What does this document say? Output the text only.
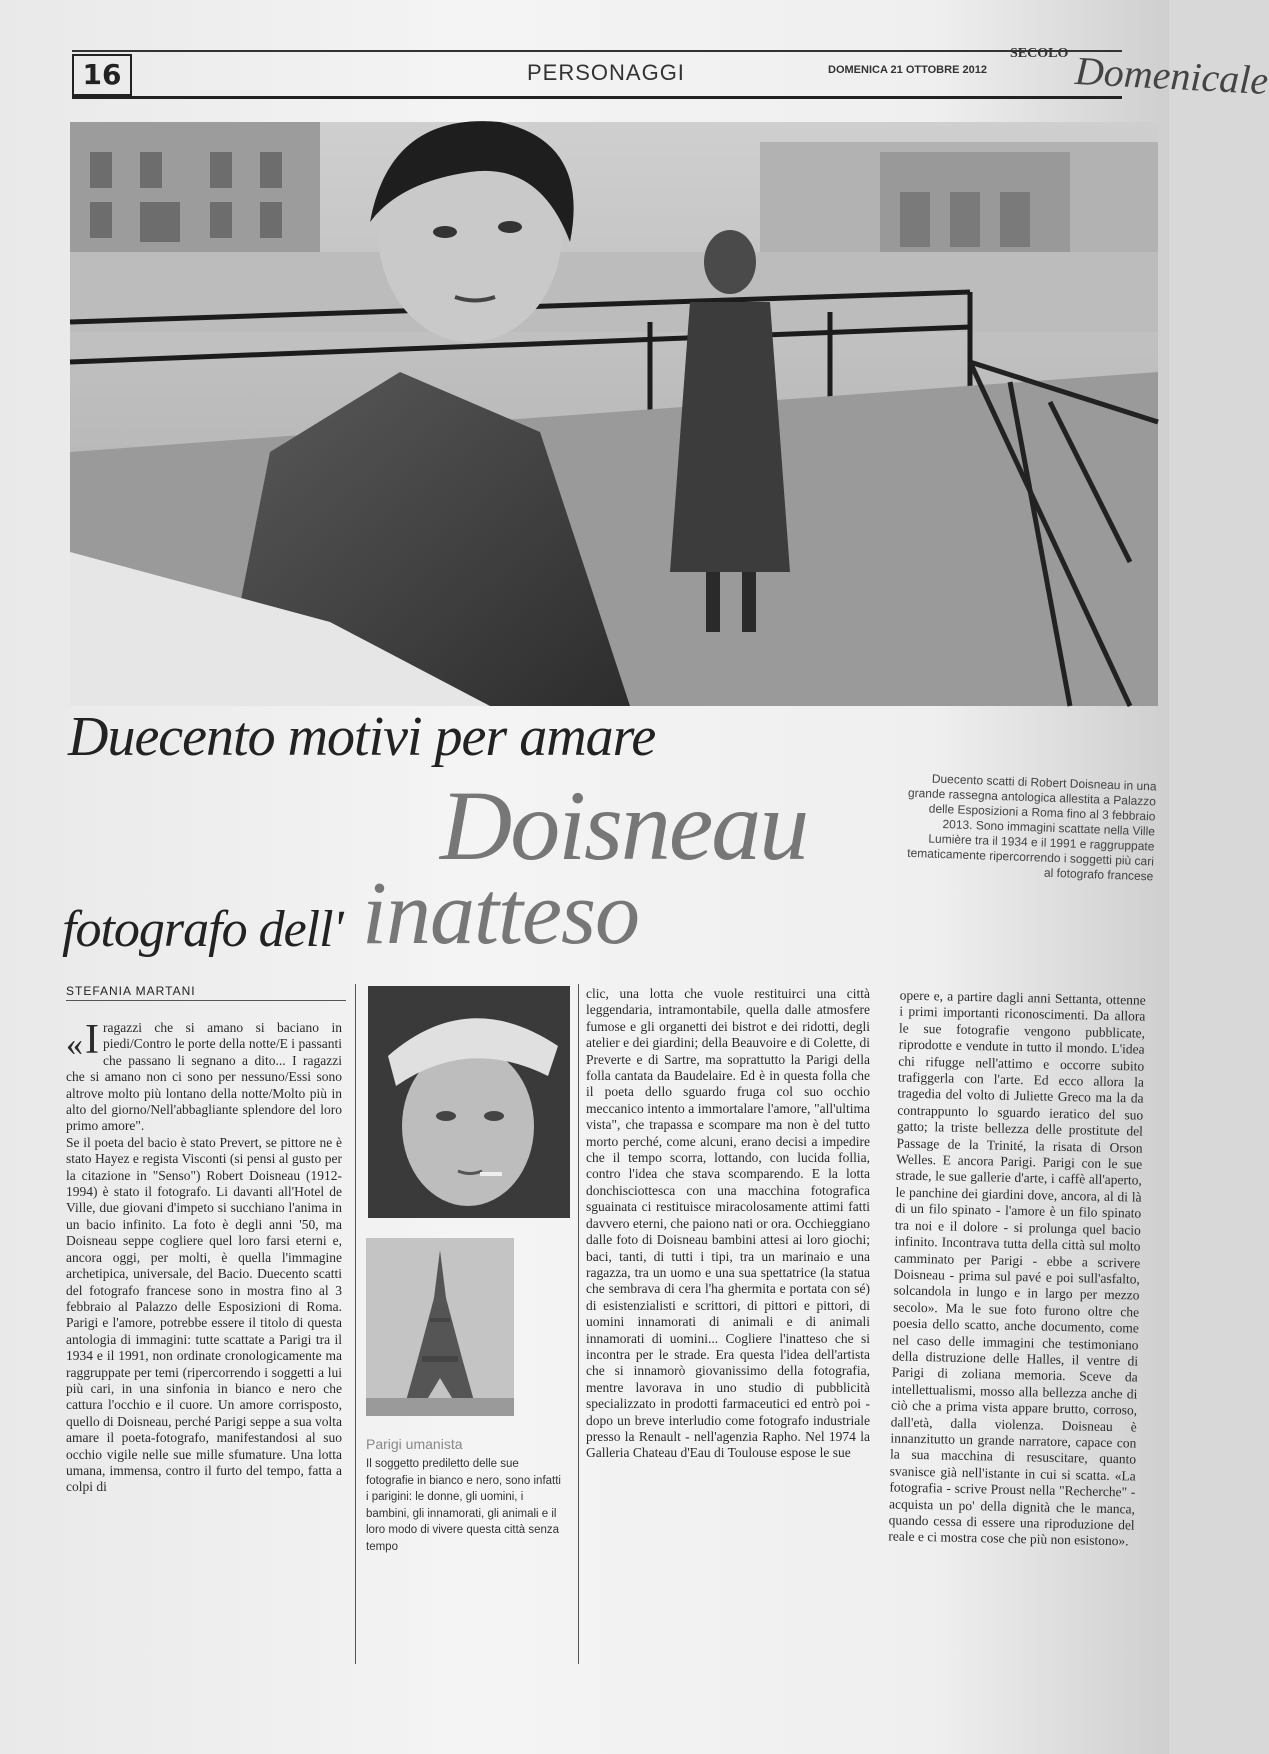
16	PERSONAGGI	DOMENICA 21 OTTOBRE 2012
SECOLO Domenicale
Duecento motivi per amare
Doisneau
fotografo dell' inatteso
Duecento scatti di Robert Doisneau in una grande rassegna antologica allestita a Palazzo delle Esposizioni a Roma fino al 3 febbraio 2013. Sono immagini scattate nella Ville Lumière tra il 1934 e il 1991 e raggruppate tematicamente ripercorrendo i soggetti più cari al fotografo francese
STEFANIA MARTANI

« I ragazzi che si amano si baciano in piedi/Contro le porte della notte/E i passanti che passano li segnano a dito... I ragazzi che si amano non ci sono per nessuno/Essi sono altrove molto più lontano della notte/Molto più in alto del giorno/Nell'abbagliante splendore del loro primo amore".

Se il poeta del bacio è stato Prevert, se pittore ne è stato Hayez e regista Visconti (si pensi al gusto per la citazione in "Senso") Robert Doisneau (1912-1994) è stato il fotografo. Li davanti all'Hotel de Ville, due giovani d'impeto si succhiano l'anima in un bacio infinito. La foto è degli anni '50, ma Doisneau seppe cogliere quel loro farsi eterni e, ancora oggi, per molti, è quella l'immagine archetipica, universale, del Bacio. Duecento scatti del fotografo francese sono in mostra fino al 3 febbraio al Palazzo delle Esposizioni di Roma. Parigi e l'amore, potrebbe essere il titolo di questa antologia di immagini: tutte scattate a Parigi tra il 1934 e il 1991, non ordinate cronologicamente ma raggruppate per temi (ripercorrendo i soggetti a lui più cari, in una sinfonia in bianco e nero che cattura l'occhio e il cuore. Un amore corrisposto, quello di Doisneau, perché Parigi seppe a sua volta amare il poeta-fotografo, manifestandosi al suo occhio vigile nelle sue mille sfumature. Una lotta umana, immensa, contro il furto del tempo, fatta a colpi di

Parigi umanista
Il soggetto prediletto delle sue fotografie in bianco e nero, sono infatti i parigini: le donne, gli uomini, i bambini, gli innamorati, gli animali e il loro modo di vivere questa città senza tempo

clic, una lotta che vuole restituirci una città leggendaria, intramontabile, quella dalle atmosfere fumose e gli organetti dei bistrot e dei ridotti, degli atelier e dei giardini; della Beauvoire e di Colette, di Preverte e di Sartre, ma soprattutto la Parigi della folla cantata da Baudelaire. Ed è in questa folla che il poeta dello sguardo fruga col suo occhio meccanico intento a immortalare l'amore, "all'ultima vista", che trapassa e scompare ma non è del tutto morto perché, come alcuni, erano decisi a impedire che il tempo scorra, lottando, con lucida follia, contro l'idea che stava scomparendo. E la lotta donchisciottesca con una macchina fotografica sguainata ci restituisce miracolosamente attimi fatti davvero eterni, che paiono nati or ora. Occhieggiano dalle foto di Doisneau bambini attesi ai loro giochi; baci, tanti, di tutti i tipi, tra un marinaio e una ragazza, tra un uomo e una sua spettatrice (la statua che sembrava di cera l'ha ghermita e portata con sé) di esistenzialisti e scrittori, di pittori e pittori, di uomini innamorati di animali e di animali innamorati di uomini... Cogliere l'inatteso che si incontra per le strade. Era questa l'idea dell'artista che si innamorò giovanissimo della fotografia, mentre lavorava in uno studio di pubblicità specializzato in prodotti farmaceutici ed entrò poi - dopo un breve interludio come fotografo industriale presso la Renault - nell'agenzia Rapho. Nel 1974 la Galleria Chateau d'Eau di Toulouse espose le sue

opere e, a partire dagli anni Settanta, ottenne i primi importanti riconoscimenti. Da allora le sue fotografie vengono pubblicate, riprodotte e vendute in tutto il mondo. L'idea chi rifugge nell'attimo e occorre subito trafiggerla con l'arte. Ed ecco allora la tragedia del volto di Juliette Greco ma la da contrappunto lo sguardo ieratico del suo gatto; la triste bellezza delle prostitute del Passage de la Trinité, la risata di Orson Welles. E ancora Parigi. Parigi con le sue strade, le sue gallerie d'arte, i caffè all'aperto, le panchine dei giardini dove, ancora, al di là di un filo spinato - l'amore è un filo spinato tra noi e il dolore - si prolunga quel bacio infinito. Incontrava tutta della città sul molto camminato per Parigi - ebbe a scrivere Doisneau - prima sul pavé e poi sull'asfalto, solcandola in lungo e in largo per mezzo secolo». Ma le sue foto furono oltre che poesia dello scatto, anche documento, come nel caso delle immagini che testimoniano della distruzione delle Halles, il ventre di Parigi di zoliana memoria. Sceve da intellettualismi, mosso alla bellezza anche di ciò che a prima vista appare brutto, corroso, dall'età, dalla violenza. Doisneau è innanzitutto un grande narratore, capace con la sua macchina di resuscitare, quanto svanisce già nell'istante in cui si scatta. «La fotografia - scrive Proust nella "Recherche" - acquista un po' della dignità che le manca, quando cessa di essere una riproduzione del reale e ci mostra cose che più non esistono».
